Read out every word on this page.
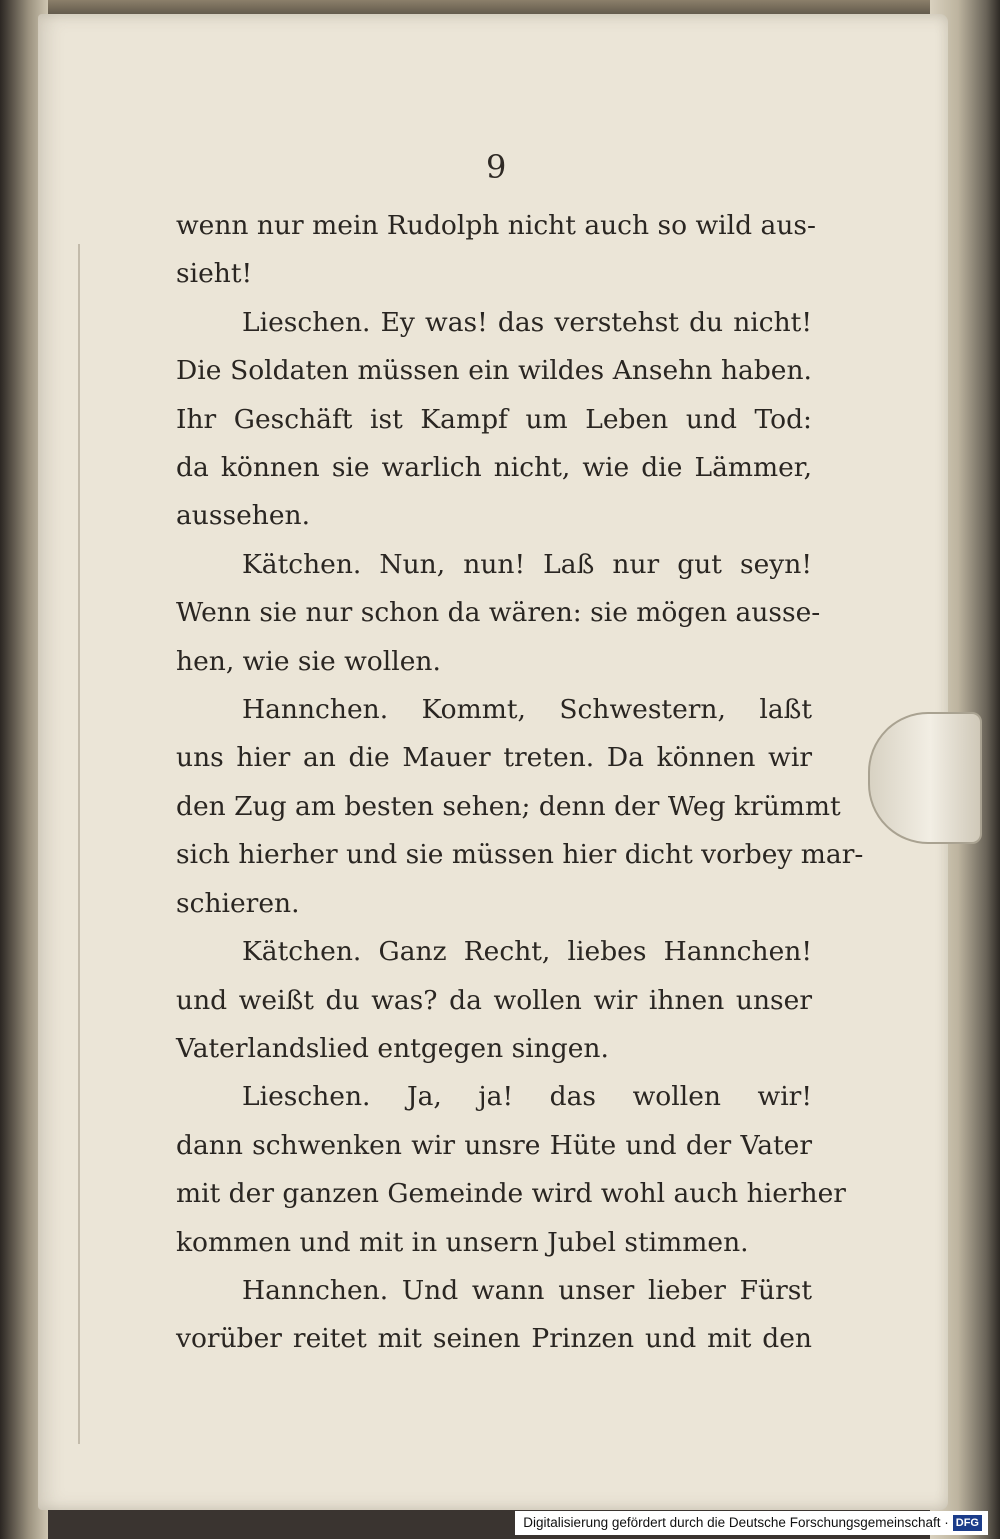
9
wenn nur mein Rudolph nicht auch so wild aus-
sieht!
Lieschen. Ey was! das verstehst du nicht!
Die Soldaten müssen ein wildes Ansehn haben.
Ihr Geschäft ist Kampf um Leben und Tod:
da können sie warlich nicht, wie die Lämmer,
aussehen.
Kätchen. Nun, nun! Laß nur gut seyn!
Wenn sie nur schon da wären: sie mögen ausse-
hen, wie sie wollen.
Hannchen. Kommt, Schwestern, laßt
uns hier an die Mauer treten. Da können wir
den Zug am besten sehen; denn der Weg krümmt
sich hierher und sie müssen hier dicht vorbey mar-
schieren.
Kätchen. Ganz Recht, liebes Hannchen!
und weißt du was? da wollen wir ihnen unser
Vaterlandslied entgegen singen.
Lieschen. Ja, ja! das wollen wir!
dann schwenken wir unsre Hüte und der Vater
mit der ganzen Gemeinde wird wohl auch hierher
kommen und mit in unsern Jubel stimmen.
Hannchen. Und wann unser lieber Fürst
vorüber reitet mit seinen Prinzen und mit den
Digitalisierung gefördert durch die Deutsche Forschungsgemeinschaft · DFG
